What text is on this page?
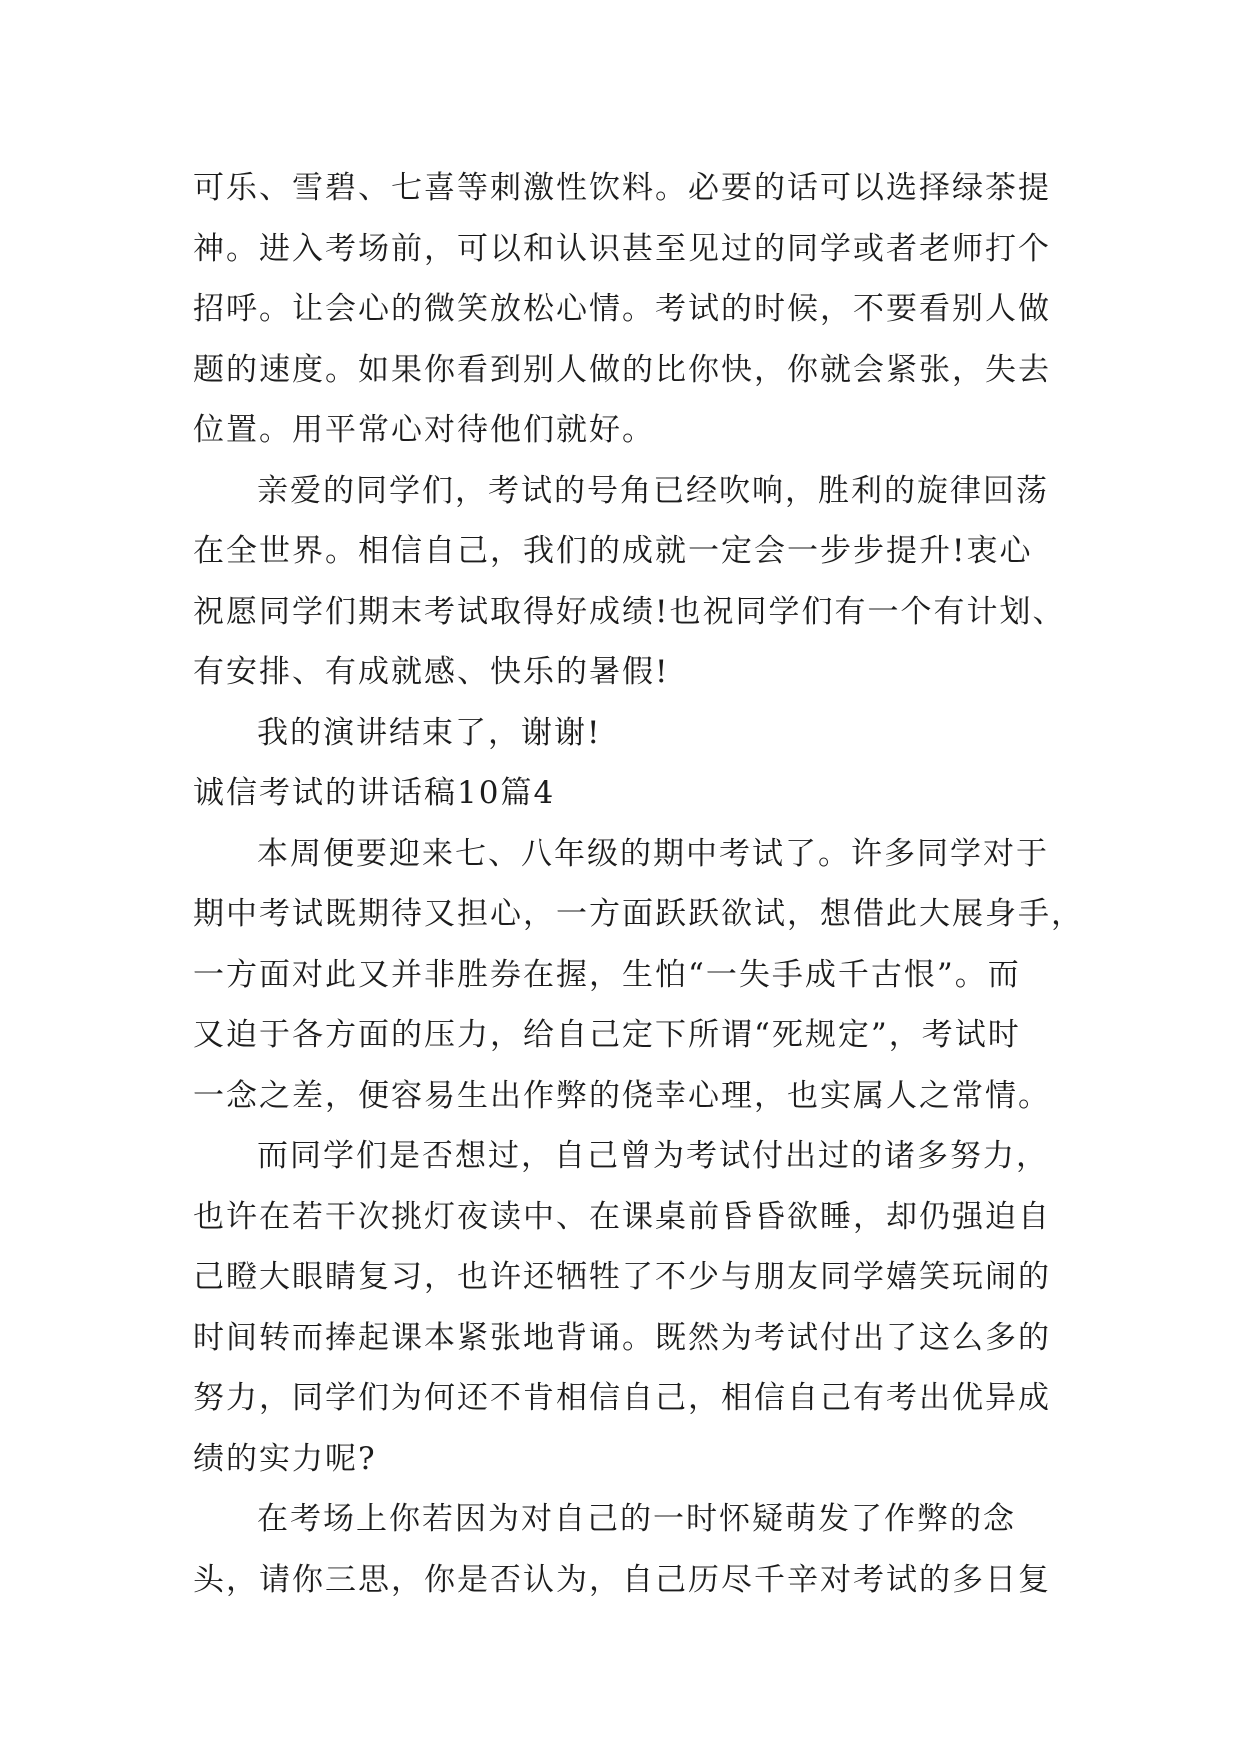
可乐、雪碧、七喜等刺激性饮料。必要的话可以选择绿茶提

神。进入考场前，可以和认识甚至见过的同学或者老师打个

招呼。让会心的微笑放松心情。考试的时候，不要看别人做

题的速度。如果你看到别人做的比你快，你就会紧张，失去

位置。用平常心对待他们就好。

亲爱的同学们，考试的号角已经吹响，胜利的旋律回荡

在全世界。相信自己，我们的成就一定会一步步提升!衷心

祝愿同学们期末考试取得好成绩!也祝同学们有一个有计划、

有安排、有成就感、快乐的暑假!

我的演讲结束了，谢谢!

诚信考试的讲话稿10篇4

本周便要迎来七、八年级的期中考试了。许多同学对于

期中考试既期待又担心，一方面跃跃欲试，想借此大展身手，

一方面对此又并非胜券在握，生怕“一失手成千古恨”。而

又迫于各方面的压力，给自己定下所谓“死规定”，考试时

一念之差，便容易生出作弊的侥幸心理，也实属人之常情。

而同学们是否想过，自己曾为考试付出过的诸多努力，

也许在若干次挑灯夜读中、在课桌前昏昏欲睡，却仍强迫自

己瞪大眼睛复习，也许还牺牲了不少与朋友同学嬉笑玩闹的

时间转而捧起课本紧张地背诵。既然为考试付出了这么多的

努力，同学们为何还不肯相信自己，相信自己有考出优异成

绩的实力呢?

在考场上你若因为对自己的一时怀疑萌发了作弊的念

头，请你三思，你是否认为，自己历尽千辛对考试的多日复
